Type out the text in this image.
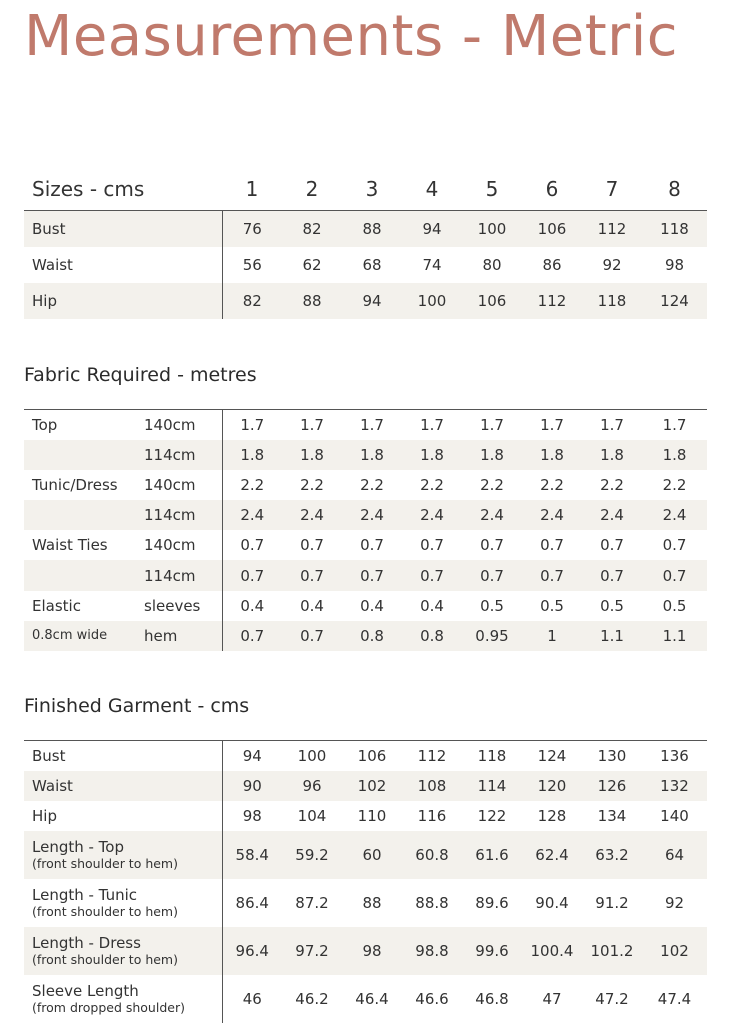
Measurements - Metric
Sizes - cms	1	2	3	4	5	6	7	8
Bust	76	82	88	94	100	106	112	118
Waist	56	62	68	74	80	86	92	98
Hip	82	88	94	100	106	112	118	124
Fabric Required - metres
Top	140cm	1.7	1.7	1.7	1.7	1.7	1.7	1.7	1.7
	114cm	1.8	1.8	1.8	1.8	1.8	1.8	1.8	1.8
Tunic/Dress	140cm	2.2	2.2	2.2	2.2	2.2	2.2	2.2	2.2
	114cm	2.4	2.4	2.4	2.4	2.4	2.4	2.4	2.4
Waist Ties	140cm	0.7	0.7	0.7	0.7	0.7	0.7	0.7	0.7
	114cm	0.7	0.7	0.7	0.7	0.7	0.7	0.7	0.7
Elastic	sleeves	0.4	0.4	0.4	0.4	0.5	0.5	0.5	0.5
0.8cm wide	hem	0.7	0.7	0.8	0.8	0.95	1	1.1	1.1
Finished Garment - cms
Bust	94	100	106	112	118	124	130	136
Waist	90	96	102	108	114	120	126	132
Hip	98	104	110	116	122	128	134	140

Length - Top
(front shoulder to hem)	58.4	59.2	60	60.8	61.6	62.4	63.2	64

Length - Tunic
(front shoulder to hem)	86.4	87.2	88	88.8	89.6	90.4	91.2	92

Length - Dress
(front shoulder to hem)	96.4	97.2	98	98.8	99.6	100.4	101.2	102

Sleeve Length
(from dropped shoulder)	46	46.2	46.4	46.6	46.8	47	47.2	47.4
